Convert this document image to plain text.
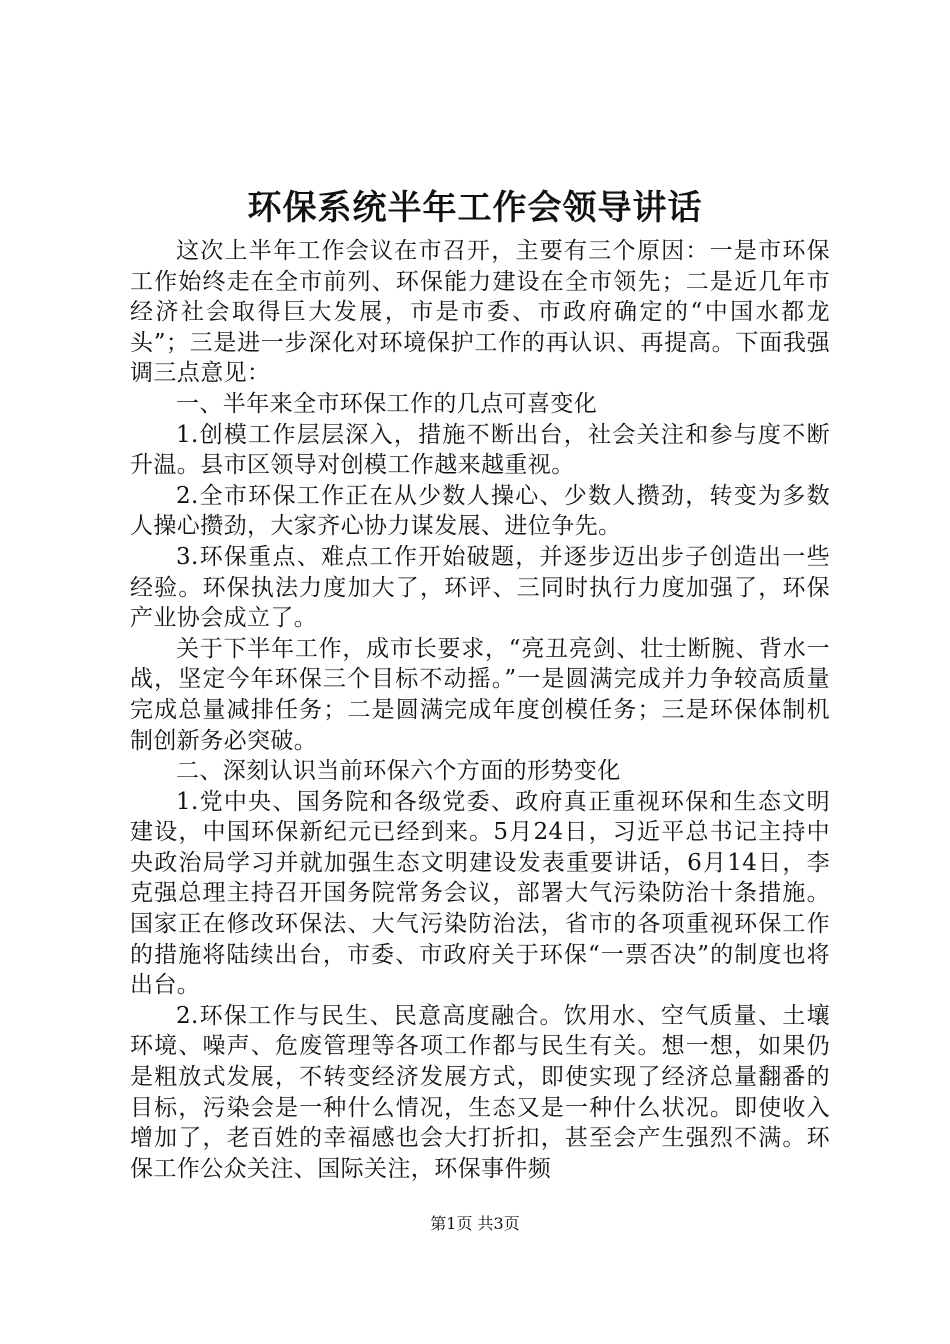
环保系统半年工作会领导讲话

这次上半年工作会议在市召开，主要有三个原因：一是市环保工作始终走在全市前列、环保能力建设在全市领先；二是近几年市经济社会取得巨大发展，市是市委、市政府确定的“中国水都龙头”；三是进一步深化对环境保护工作的再认识、再提高。下面我强调三点意见：

一、半年来全市环保工作的几点可喜变化

1.创模工作层层深入，措施不断出台，社会关注和参与度不断升温。县市区领导对创模工作越来越重视。

2.全市环保工作正在从少数人操心、少数人攒劲，转变为多数人操心攒劲，大家齐心协力谋发展、进位争先。

3.环保重点、难点工作开始破题，并逐步迈出步子创造出一些经验。环保执法力度加大了，环评、三同时执行力度加强了，环保产业协会成立了。

关于下半年工作，成市长要求，“亮丑亮剑、壮士断腕、背水一战，坚定今年环保三个目标不动摇。”一是圆满完成并力争较高质量完成总量减排任务；二是圆满完成年度创模任务；三是环保体制机制创新务必突破。

二、深刻认识当前环保六个方面的形势变化

1.党中央、国务院和各级党委、政府真正重视环保和生态文明建设，中国环保新纪元已经到来。5月24日，习近平总书记主持中央政治局学习并就加强生态文明建设发表重要讲话，6月14日，李克强总理主持召开国务院常务会议，部署大气污染防治十条措施。国家正在修改环保法、大气污染防治法，省市的各项重视环保工作的措施将陆续出台，市委、市政府关于环保“一票否决”的制度也将出台。

2.环保工作与民生、民意高度融合。饮用水、空气质量、土壤环境、噪声、危废管理等各项工作都与民生有关。想一想，如果仍是粗放式发展，不转变经济发展方式，即使实现了经济总量翻番的目标，污染会是一种什么情况，生态又是一种什么状况。即使收入增加了，老百姓的幸福感也会大打折扣，甚至会产生强烈不满。环保工作公众关注、国际关注，环保事件频

第1页 共3页
